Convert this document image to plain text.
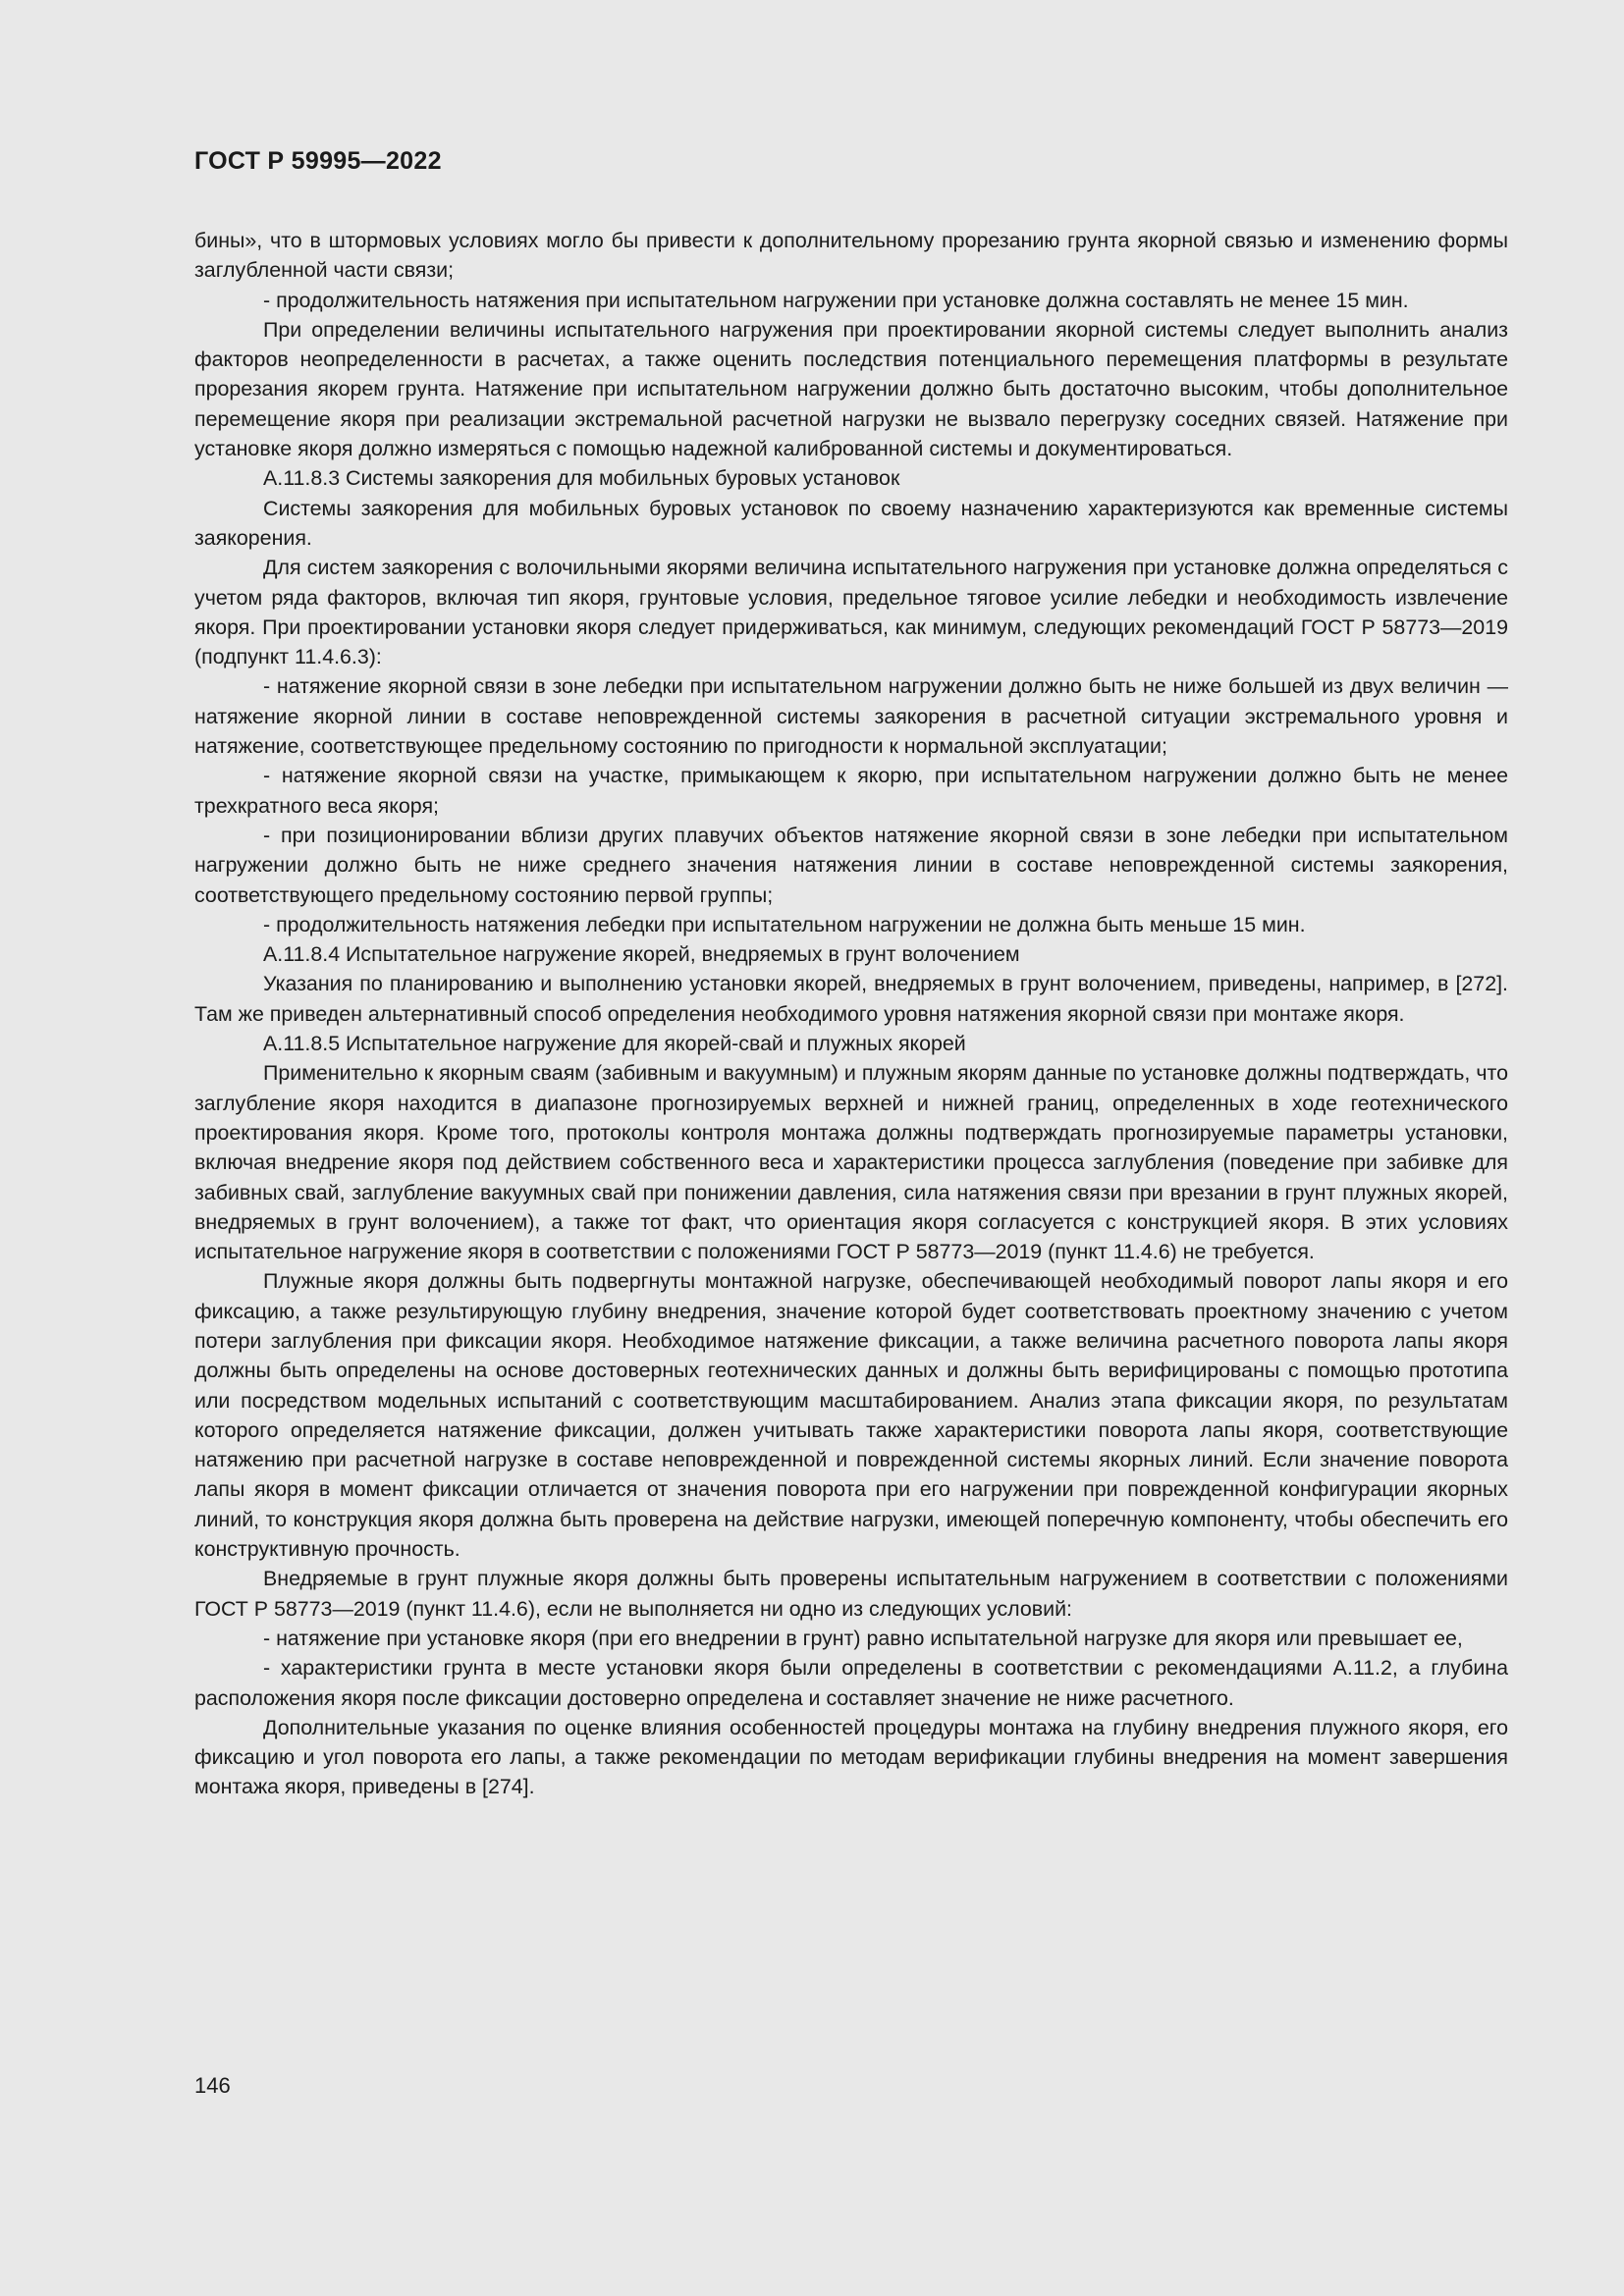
ГОСТ Р 59995—2022

бины», что в штормовых условиях могло бы привести к дополнительному прорезанию грунта якорной связью и изменению формы заглубленной части связи;

- продолжительность натяжения при испытательном нагружении при установке должна составлять не менее 15 мин.

При определении величины испытательного нагружения при проектировании якорной системы следует выполнить анализ факторов неопределенности в расчетах, а также оценить последствия потенциального перемещения платформы в результате прорезания якорем грунта. Натяжение при испытательном нагружении должно быть достаточно высоким, чтобы дополнительное перемещение якоря при реализации экстремальной расчетной нагрузки не вызвало перегрузку соседних связей. Натяжение при установке якоря должно измеряться с помощью надежной калиброванной системы и документироваться.

А.11.8.3 Системы заякорения для мобильных буровых установок

Системы заякорения для мобильных буровых установок по своему назначению характеризуются как временные системы заякорения.

Для систем заякорения с волочильными якорями величина испытательного нагружения при установке должна определяться с учетом ряда факторов, включая тип якоря, грунтовые условия, предельное тяговое усилие лебедки и необходимость извлечение якоря. При проектировании установки якоря следует придерживаться, как минимум, следующих рекомендаций ГОСТ Р 58773—2019 (подпункт 11.4.6.3):

- натяжение якорной связи в зоне лебедки при испытательном нагружении должно быть не ниже большей из двух величин — натяжение якорной линии в составе неповрежденной системы заякорения в расчетной ситуации экстремального уровня и натяжение, соответствующее предельному состоянию по пригодности к нормальной эксплуатации;

- натяжение якорной связи на участке, примыкающем к якорю, при испытательном нагружении должно быть не менее трехкратного веса якоря;

- при позиционировании вблизи других плавучих объектов натяжение якорной связи в зоне лебедки при испытательном нагружении должно быть не ниже среднего значения натяжения линии в составе неповрежденной системы заякорения, соответствующего предельному состоянию первой группы;

- продолжительность натяжения лебедки при испытательном нагружении не должна быть меньше 15 мин.

А.11.8.4 Испытательное нагружение якорей, внедряемых в грунт волочением

Указания по планированию и выполнению установки якорей, внедряемых в грунт волочением, приведены, например, в [272]. Там же приведен альтернативный способ определения необходимого уровня натяжения якорной связи при монтаже якоря.

А.11.8.5 Испытательное нагружение для якорей-свай и плужных якорей

Применительно к якорным сваям (забивным и вакуумным) и плужным якорям данные по установке должны подтверждать, что заглубление якоря находится в диапазоне прогнозируемых верхней и нижней границ, определенных в ходе геотехнического проектирования якоря. Кроме того, протоколы контроля монтажа должны подтверждать прогнозируемые параметры установки, включая внедрение якоря под действием собственного веса и характеристики процесса заглубления (поведение при забивке для забивных свай, заглубление вакуумных свай при понижении давления, сила натяжения связи при врезании в грунт плужных якорей, внедряемых в грунт волочением), а также тот факт, что ориентация якоря согласуется с конструкцией якоря. В этих условиях испытательное нагружение якоря в соответствии с положениями ГОСТ Р 58773—2019 (пункт 11.4.6) не требуется.

Плужные якоря должны быть подвергнуты монтажной нагрузке, обеспечивающей необходимый поворот лапы якоря и его фиксацию, а также результирующую глубину внедрения, значение которой будет соответствовать проектному значению с учетом потери заглубления при фиксации якоря. Необходимое натяжение фиксации, а также величина расчетного поворота лапы якоря должны быть определены на основе достоверных геотехнических данных и должны быть верифицированы с помощью прототипа или посредством модельных испытаний с соответствующим масштабированием. Анализ этапа фиксации якоря, по результатам которого определяется натяжение фиксации, должен учитывать также характеристики поворота лапы якоря, соответствующие натяжению при расчетной нагрузке в составе неповрежденной и поврежденной системы якорных линий. Если значение поворота лапы якоря в момент фиксации отличается от значения поворота при его нагружении при поврежденной конфигурации якорных линий, то конструкция якоря должна быть проверена на действие нагрузки, имеющей поперечную компоненту, чтобы обеспечить его конструктивную прочность.

Внедряемые в грунт плужные якоря должны быть проверены испытательным нагружением в соответствии с положениями ГОСТ Р 58773—2019 (пункт 11.4.6), если не выполняется ни одно из следующих условий:

- натяжение при установке якоря (при его внедрении в грунт) равно испытательной нагрузке для якоря или превышает ее,

- характеристики грунта в месте установки якоря были определены в соответствии с рекомендациями А.11.2, а глубина расположения якоря после фиксации достоверно определена и составляет значение не ниже расчетного.

Дополнительные указания по оценке влияния особенностей процедуры монтажа на глубину внедрения плужного якоря, его фиксацию и угол поворота его лапы, а также рекомендации по методам верификации глубины внедрения на момент завершения монтажа якоря, приведены в [274].

146
